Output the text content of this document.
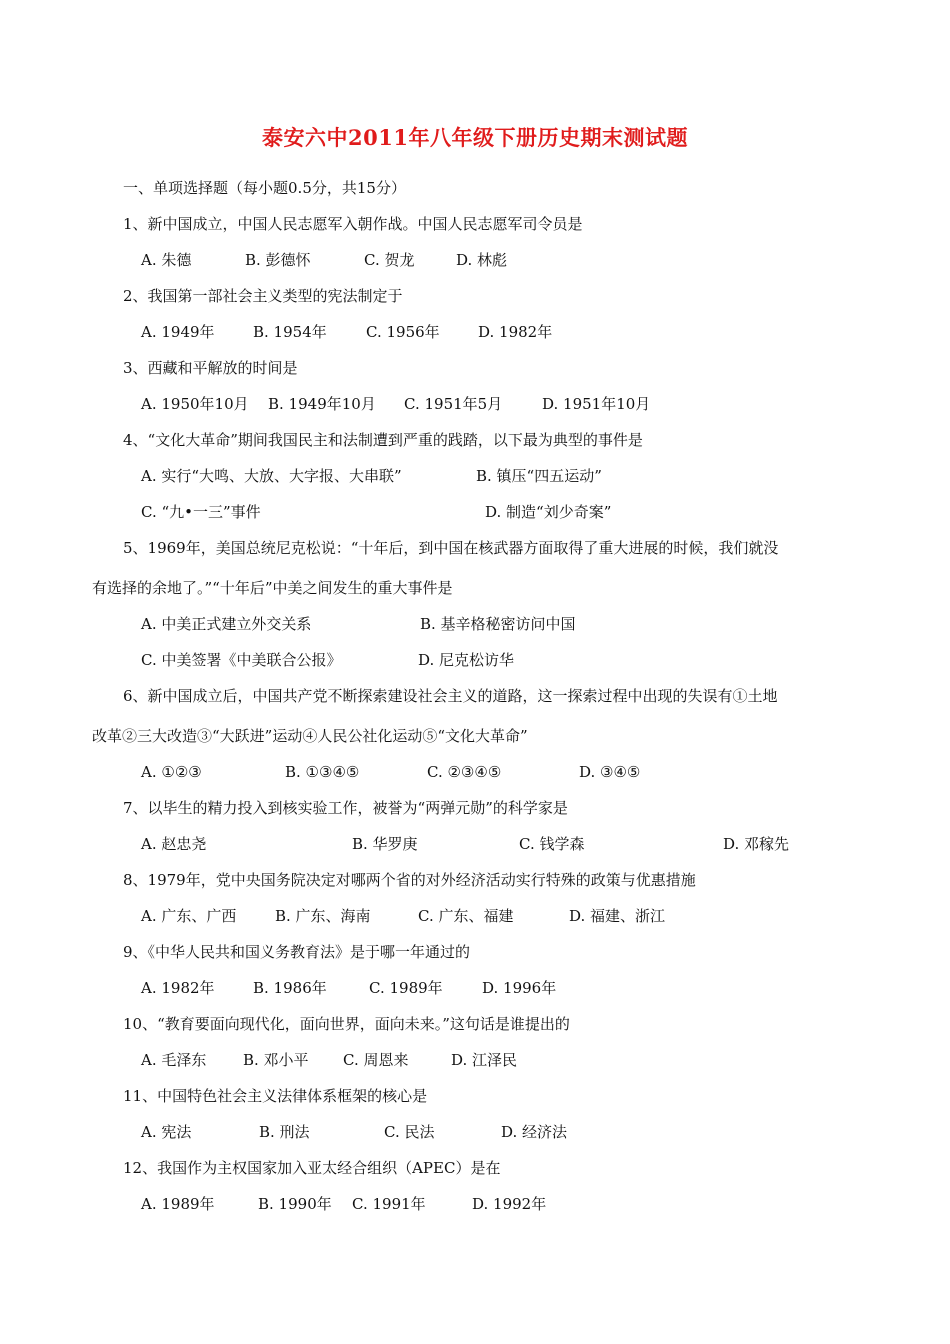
泰安六中2011年八年级下册历史期末测试题
一、单项选择题（每小题0.5分，共15分）
1、新中国成立，中国人民志愿军入朝作战。中国人民志愿军司令员是
A. 朱德	B. 彭德怀	C. 贺龙	D. 林彪
2、我国第一部社会主义类型的宪法制定于
A. 1949年	B. 1954年	C. 1956年	D. 1982年
3、西藏和平解放的时间是
A. 1950年10月 B. 1949年10月 C. 1951年5月	D. 1951年10月
4、“文化大革命”期间我国民主和法制遭到严重的践踏，以下最为典型的事件是
A. 实行“大鸣、大放、大字报、大串联”	B. 镇压“四五运动”
C. “九•一三”事件	D. 制造“刘少奇案”
5、1969年，美国总统尼克松说：“十年后，到中国在核武器方面取得了重大进展的时候，我们就没
有选择的余地了。”“十年后”中美之间发生的重大事件是
A. 中美正式建立外交关系	B. 基辛格秘密访问中国
C. 中美签署《中美联合公报》	D. 尼克松访华
6、新中国成立后，中国共产党不断探索建设社会主义的道路，这一探索过程中出现的失误有①土地
改革②三大改造③“大跃进”运动④人民公社化运动⑤“文化大革命”
A. ①②③	B. ①③④⑤	C. ②③④⑤	D. ③④⑤
7、以毕生的精力投入到核实验工作，被誉为“两弹元勋”的科学家是
A. 赵忠尧	B. 华罗庚	C. 钱学森	D. 邓稼先
8、1979年，党中央国务院决定对哪两个省的对外经济活动实行特殊的政策与优惠措施
A. 广东、广西	B. 广东、海南	C. 广东、福建	D. 福建、浙江
9、《中华人民共和国义务教育法》是于哪一年通过的
A. 1982年	B. 1986年	C. 1989年	D. 1996年
10、“教育要面向现代化，面向世界，面向未来。”这句话是谁提出的
A. 毛泽东 B. 邓小平 C. 周恩来	D. 江泽民
11、中国特色社会主义法律体系框架的核心是
A. 宪法	B. 刑法	C. 民法	D. 经济法
12、我国作为主权国家加入亚太经合组织（APEC）是在
A. 1989年	B. 1990年 C. 1991年	D. 1992年
